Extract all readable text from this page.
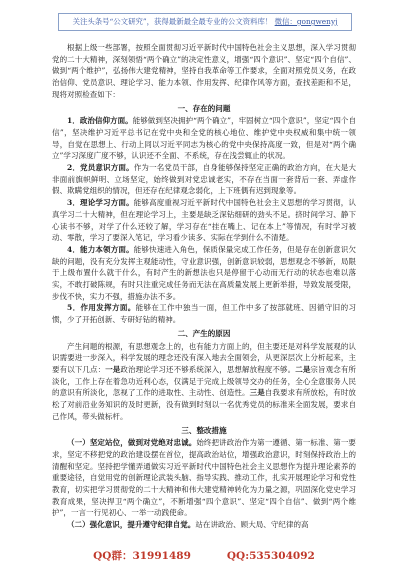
关注头条号“公文研究”，获得最新最全最专业的公文资料库！ 微信：gongwenyj

根据上级一些部署，按照全面贯彻习近平新时代中国特色社会主义思想，深入学习贯彻党的二十大精神，深刻领悟“两个确立”的决定性意义，增强“四个意识”、坚定“四个自信”、做到“两个维护”，弘扬伟大建党精神，坚持自我革命等工作要求，全面对照党员义务，在政治信仰、党员意识、理论学习、能力本领、作用发挥、纪律作风等方面，查找差距和不足，现将对照检查如下：

一、存在的问题

1．政治信仰方面。能够做到坚决拥护“两个确立”，牢固树立“四个意识”，坚定“四个自信”，坚决维护习近平总书记在党中央和全党的核心地位、维护党中央权威和集中统一领导，自觉在思想上、行动上同以习近平同志为核心的党中央保持高度一致，但是对“两个确立”学习深度广度不够，认识还不全面、不系统，存在浅尝辄止的状况。

2．党员意识方面。作为一名党员干部，自身能够保持坚定正确的政治方向，在大是大非面前旗帜鲜明、立场坚定，始终做到对党忠诚老实，不存在当面一套背后一套、弄虚作假、欺瞒党组织的情况，但还存在纪律观念弱化，上下班偶有迟到现象等。

3．理论学习方面。能够高度重视习近平新时代中国特色社会主义思想的学习贯彻，认真学习二十大精神，但在理论学习上，主要是缺乏深钻细研的劲头不足。挤时间学习、静下心读书不够，对学了什么还较了解，学习存在“挂在嘴上、记在本上”等情况，有时学习被动、零散，学习了要深入笔记，学习看少读多、实际在学到什么不清楚。

4．能力本领方面。能够快速进入角色，保质保量完成工作任务，但是存在创新意识欠缺的问题，没有充分发挥主观能动性，守业意识强，创新意识较弱，思想观念不够新，局限于上级布置什么就干什么，有时产生的新想法也只是停留于心动而无行动的状态也难以落实，不敢打破陈规，有时只注重完成任务而无法在高质量发展上更新举措，导致发展受限，步伐不快，实力不强，措施办法不多。

5．作用发挥方面。能够在工作中独当一面，但工作中多了按部就班、因循守旧的习惯，少了开拓创新、专研好钻的精神。

二、产生的原因

产生问题的根源，有思想观念上的，也有能力方面上的，但主要还是对科学发展观的认识需要进一步深入，科学发展的理念还没有深入地去全面领会，从更深层次上分析起来，主要有以下几点：一是政治理论学习还不够系统深入，思想解放程度不够。二是宗旨观念有所淡化，工作上存在着急功近利心态，仅满足于完成上级领导交办的任务，全心全意服务人民的意识有所淡化，忽视了工作的进取性、主动性、创造性。三是自我要求有所放松，有时放松了对前沿业务知识的及时更新，没有做到时刻以一名优秀党员的标准来全面发展，要求自己作风，带头做标杆。

三、整改措施

（一）坚定站位，做到对党绝对忠诚。始终把讲政治作为第一遵循、第一标准、第一要求，坚定不移把党的政治建设摆在首位，提高政治站位，增强政治意识，时刻保持政治上的清醒和坚定。坚持把学懂弄通做实习近平新时代中国特色社会主义思想作为提升理论素养的重要途径，自觉用党的创新理论武装头脑、指导实践、推动工作，扎实开展理论学习和党性教育，切实把学习贯彻党的二十大精神和伟大建党精神转化为力量之源，巩固深化党史学习教育成果，坚决捍卫“两个确立”，不断增强“四个意识”、坚定“四个自信”、做到“两个维护”，一言一行见初心、一举一动践使命。

（二）强化意识，提升遵守纪律自觉。站在讲政治、顾大局、守纪律的高

QQ群：31991489	QQ:535304092
